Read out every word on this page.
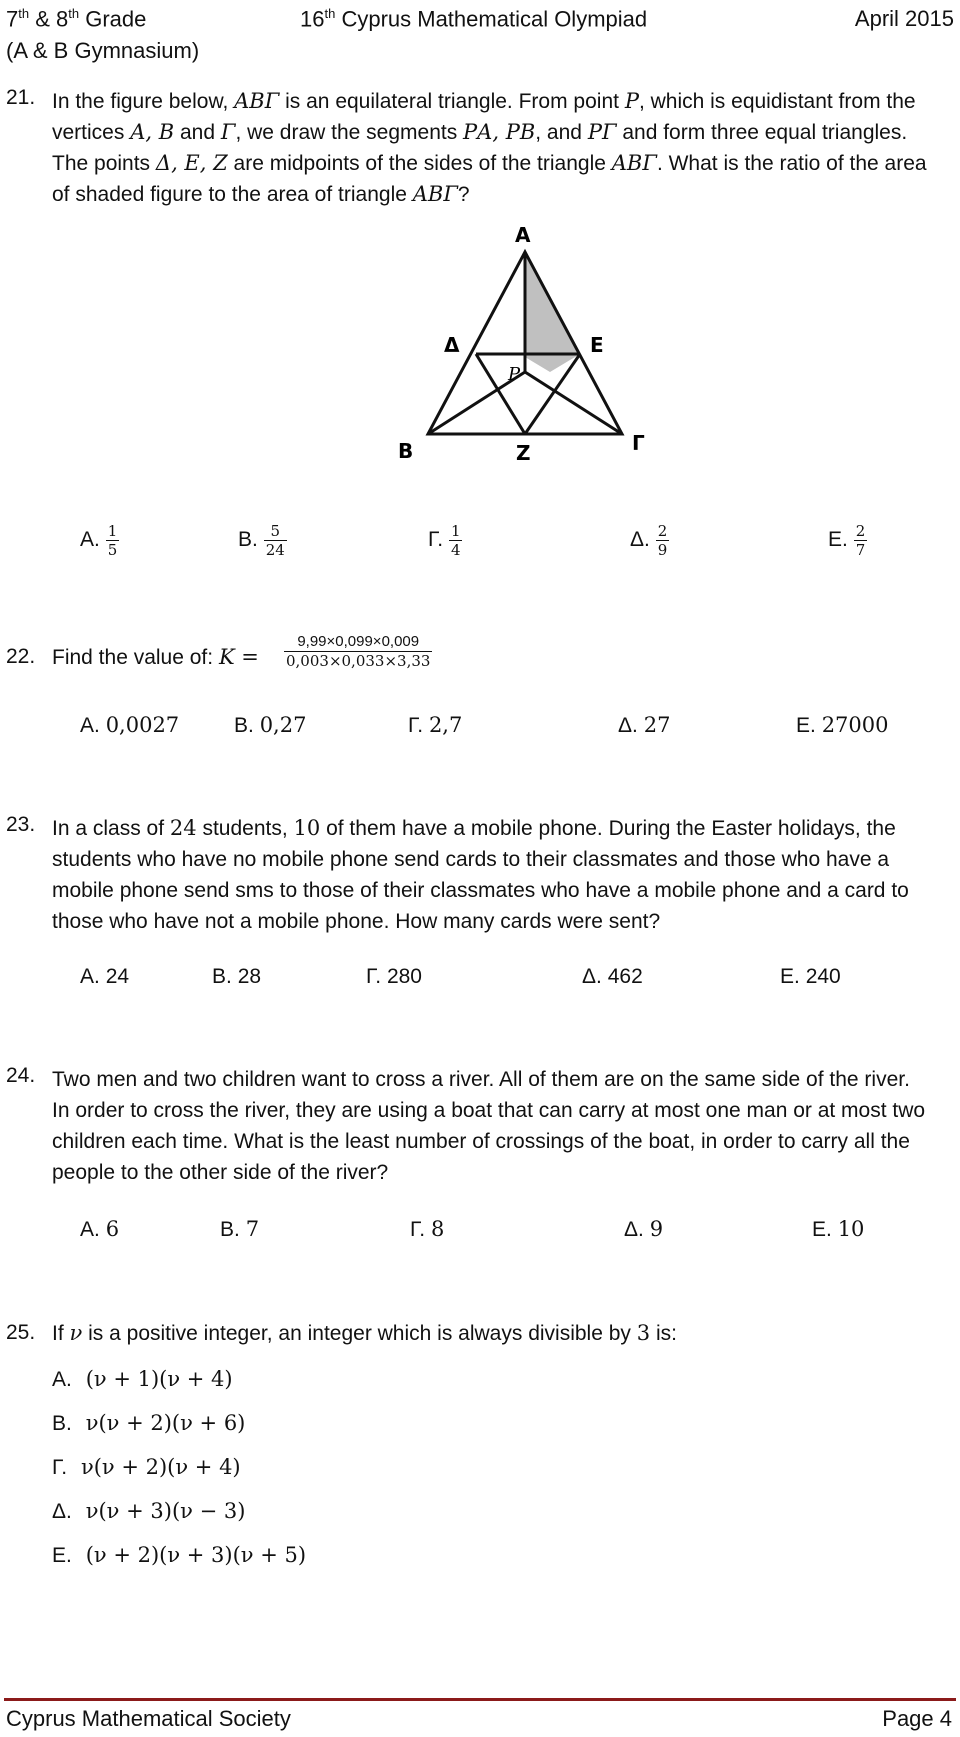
7th & 8th Grade
(A & B Gymnasium)
16th Cyprus Mathematical Olympiad	April 2015
21. In the figure below, ΑΒΓ is an equilateral triangle. From point Ρ, which is equidistant from the vertices Α, Β and Γ, we draw the segments ΡΑ, ΡΒ, and ΡΓ and form three equal triangles. The points Δ, Ε, Ζ are midpoints of the sides of the triangle ΑΒΓ. What is the ratio of the area of shaded figure to the area of triangle ΑΒΓ?
A
Δ	E
P
B	Z	Γ
A. $\frac{1}{5}$	B. $\frac{5}{24}$	Γ. $\frac{1}{4}$	Δ. $\frac{2}{9}$	E. $\frac{2}{7}$
22. Find the value of: $K = \frac{9,99\times 0,099\times 0,009}{0,003\times 0,033\times 3,33}$
A. 0,0027	B. 0,27	Γ. 2,7	Δ. 27	E. 27000
23. In a class of 24 students, 10 of them have a mobile phone. During the Easter holidays, the students who have no mobile phone send cards to their classmates and those who have a mobile phone send sms to those of their classmates who have a mobile phone and a card to those who have not a mobile phone. How many cards were sent?
A. 24	B. 28	Γ. 280	Δ. 462	E. 240
24. Two men and two children want to cross a river. All of them are on the same side of the river. In order to cross the river, they are using a boat that can carry at most one man or at most two children each time. What is the least number of crossings of the boat, in order to carry all the people to the other side of the river?
A. 6	B. 7	Γ. 8	Δ. 9	E. 10
25. If ν is a positive integer, an integer which is always divisible by 3 is:
A. (ν + 1)(ν + 4)
B. ν(ν + 2)(ν + 6)
Γ. ν(ν + 2)(ν + 4)
Δ. ν(ν + 3)(ν − 3)
E. (ν + 2)(ν + 3)(ν + 5)
Cyprus Mathematical Society	Page 4
